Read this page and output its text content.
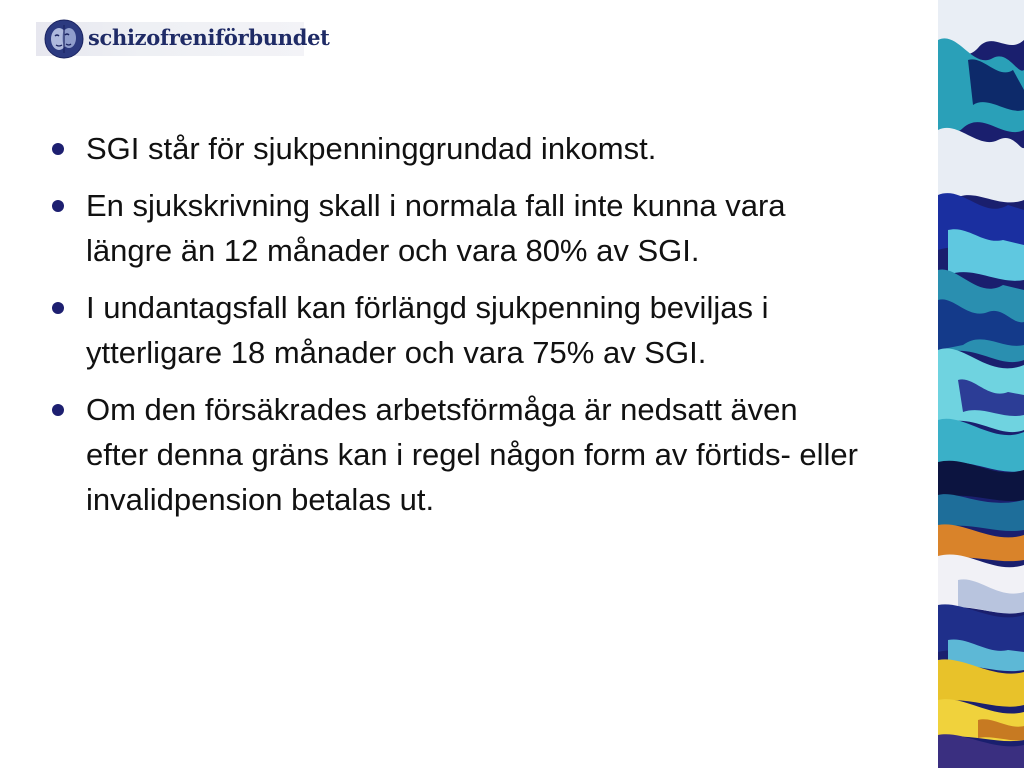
schizofreniförbundet
SGI står för sjukpenninggrundad inkomst.
En sjukskrivning skall i normala fall inte kunna vara längre än 12 månader och vara 80% av SGI.
I undantagsfall kan förlängd sjukpenning beviljas i ytterligare 18 månader och vara 75% av SGI.
Om den försäkrades arbetsförmåga är nedsatt även efter denna gräns kan i regel någon form av förtids- eller invalidpension betalas ut.
